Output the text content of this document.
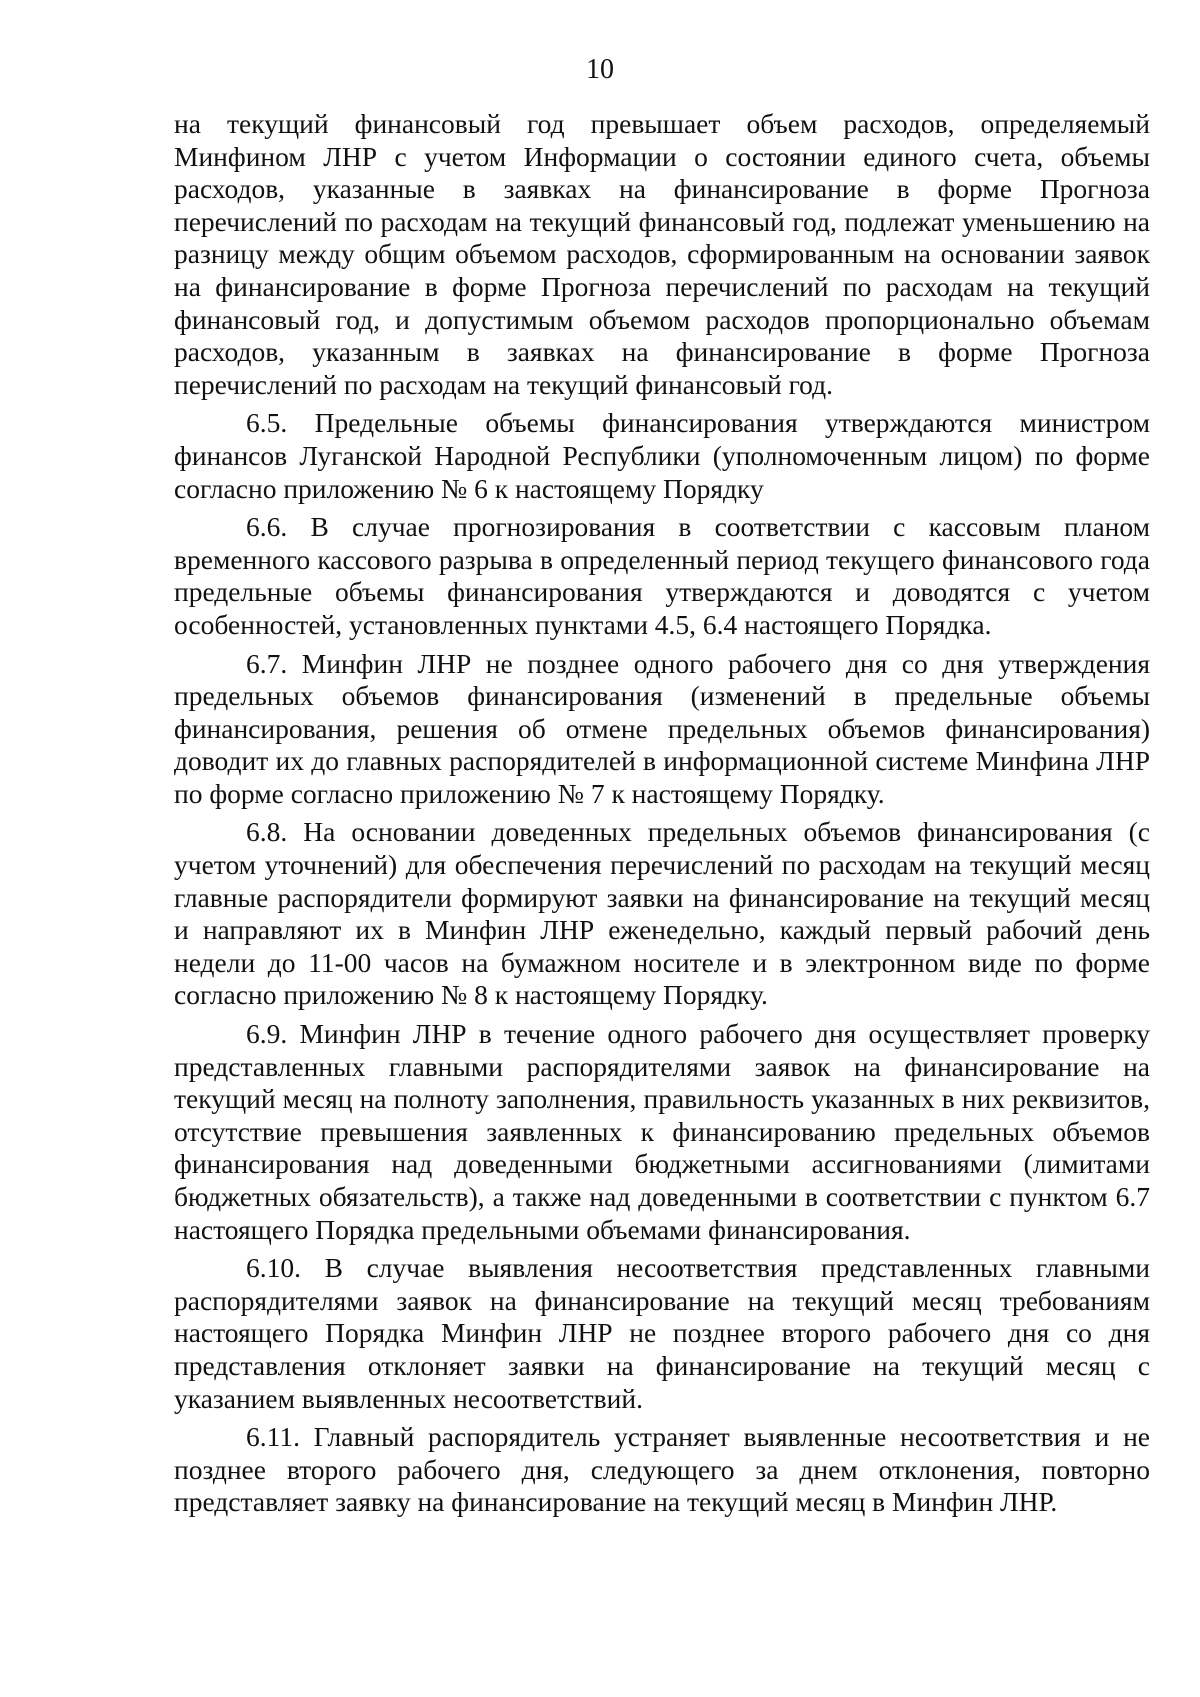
10

на текущий финансовый год превышает объем расходов, определяемый Минфином ЛНР с учетом Информации о состоянии единого счета, объемы расходов, указанные в заявках на финансирование в форме Прогноза перечислений по расходам на текущий финансовый год, подлежат уменьшению на разницу между общим объемом расходов, сформированным на основании заявок на финансирование в форме Прогноза перечислений по расходам на текущий финансовый год, и допустимым объемом расходов пропорционально объемам расходов, указанным в заявках на финансирование в форме Прогноза перечислений по расходам на текущий финансовый год.

6.5. Предельные объемы финансирования утверждаются министром финансов Луганской Народной Республики (уполномоченным лицом) по форме согласно приложению № 6 к настоящему Порядку

6.6. В случае прогнозирования в соответствии с кассовым планом временного кассового разрыва в определенный период текущего финансового года предельные объемы финансирования утверждаются и доводятся с учетом особенностей, установленных пунктами 4.5, 6.4 настоящего Порядка.

6.7. Минфин ЛНР не позднее одного рабочего дня со дня утверждения предельных объемов финансирования (изменений в предельные объемы финансирования, решения об отмене предельных объемов финансирования) доводит их до главных распорядителей в информационной системе Минфина ЛНР по форме согласно приложению № 7 к настоящему Порядку.

6.8. На основании доведенных предельных объемов финансирования (с учетом уточнений) для обеспечения перечислений по расходам на текущий месяц главные распорядители формируют заявки на финансирование на текущий месяц и направляют их в Минфин ЛНР еженедельно, каждый первый рабочий день недели до 11-00 часов на бумажном носителе и в электронном виде по форме согласно приложению № 8 к настоящему Порядку.

6.9. Минфин ЛНР в течение одного рабочего дня осуществляет проверку представленных главными распорядителями заявок на финансирование на текущий месяц на полноту заполнения, правильность указанных в них реквизитов, отсутствие превышения заявленных к финансированию предельных объемов финансирования над доведенными бюджетными ассигнованиями (лимитами бюджетных обязательств), а также над доведенными в соответствии с пунктом 6.7 настоящего Порядка предельными объемами финансирования.

6.10. В случае выявления несоответствия представленных главными распорядителями заявок на финансирование на текущий месяц требованиям настоящего Порядка Минфин ЛНР не позднее второго рабочего дня со дня представления отклоняет заявки на финансирование на текущий месяц с указанием выявленных несоответствий.

6.11. Главный распорядитель устраняет выявленные несоответствия и не позднее второго рабочего дня, следующего за днем отклонения, повторно представляет заявку на финансирование на текущий месяц в Минфин ЛНР.
